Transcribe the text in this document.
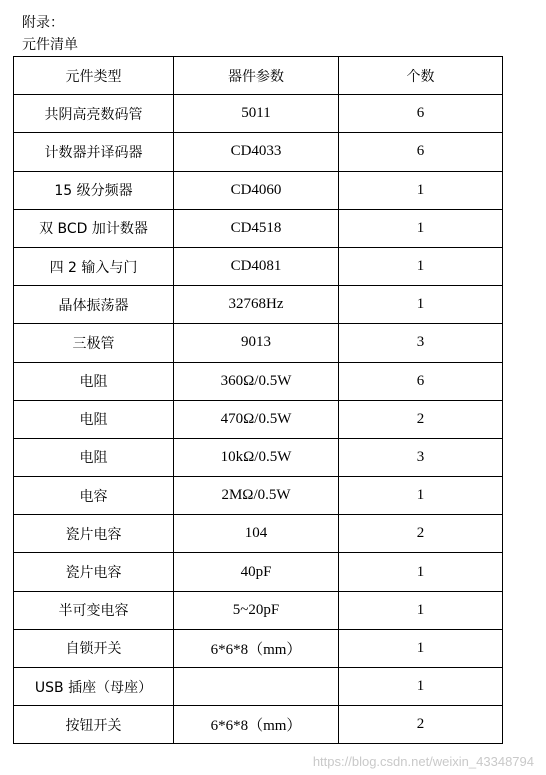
附录：
元件清单
元件类型	器件参数	个数
共阴高亮数码管	5011	6
计数器并译码器	CD4033	6
15 级分频器	CD4060	1
双 BCD 加计数器	CD4518	1
四 2 输入与门	CD4081	1
晶体振荡器	32768Hz	1
三极管	9013	3
电阻	360Ω/0.5W	6
电阻	470Ω/0.5W	2
电阻	10kΩ/0.5W	3
电容	2MΩ/0.5W	1
瓷片电容	104	2
瓷片电容	40pF	1
半可变电容	5~20pF	1
自锁开关	6*6*8（mm）	1
USB 插座（母座）		1
按钮开关	6*6*8（mm）	2
https://blog.csdn.net/weixin_43348794
